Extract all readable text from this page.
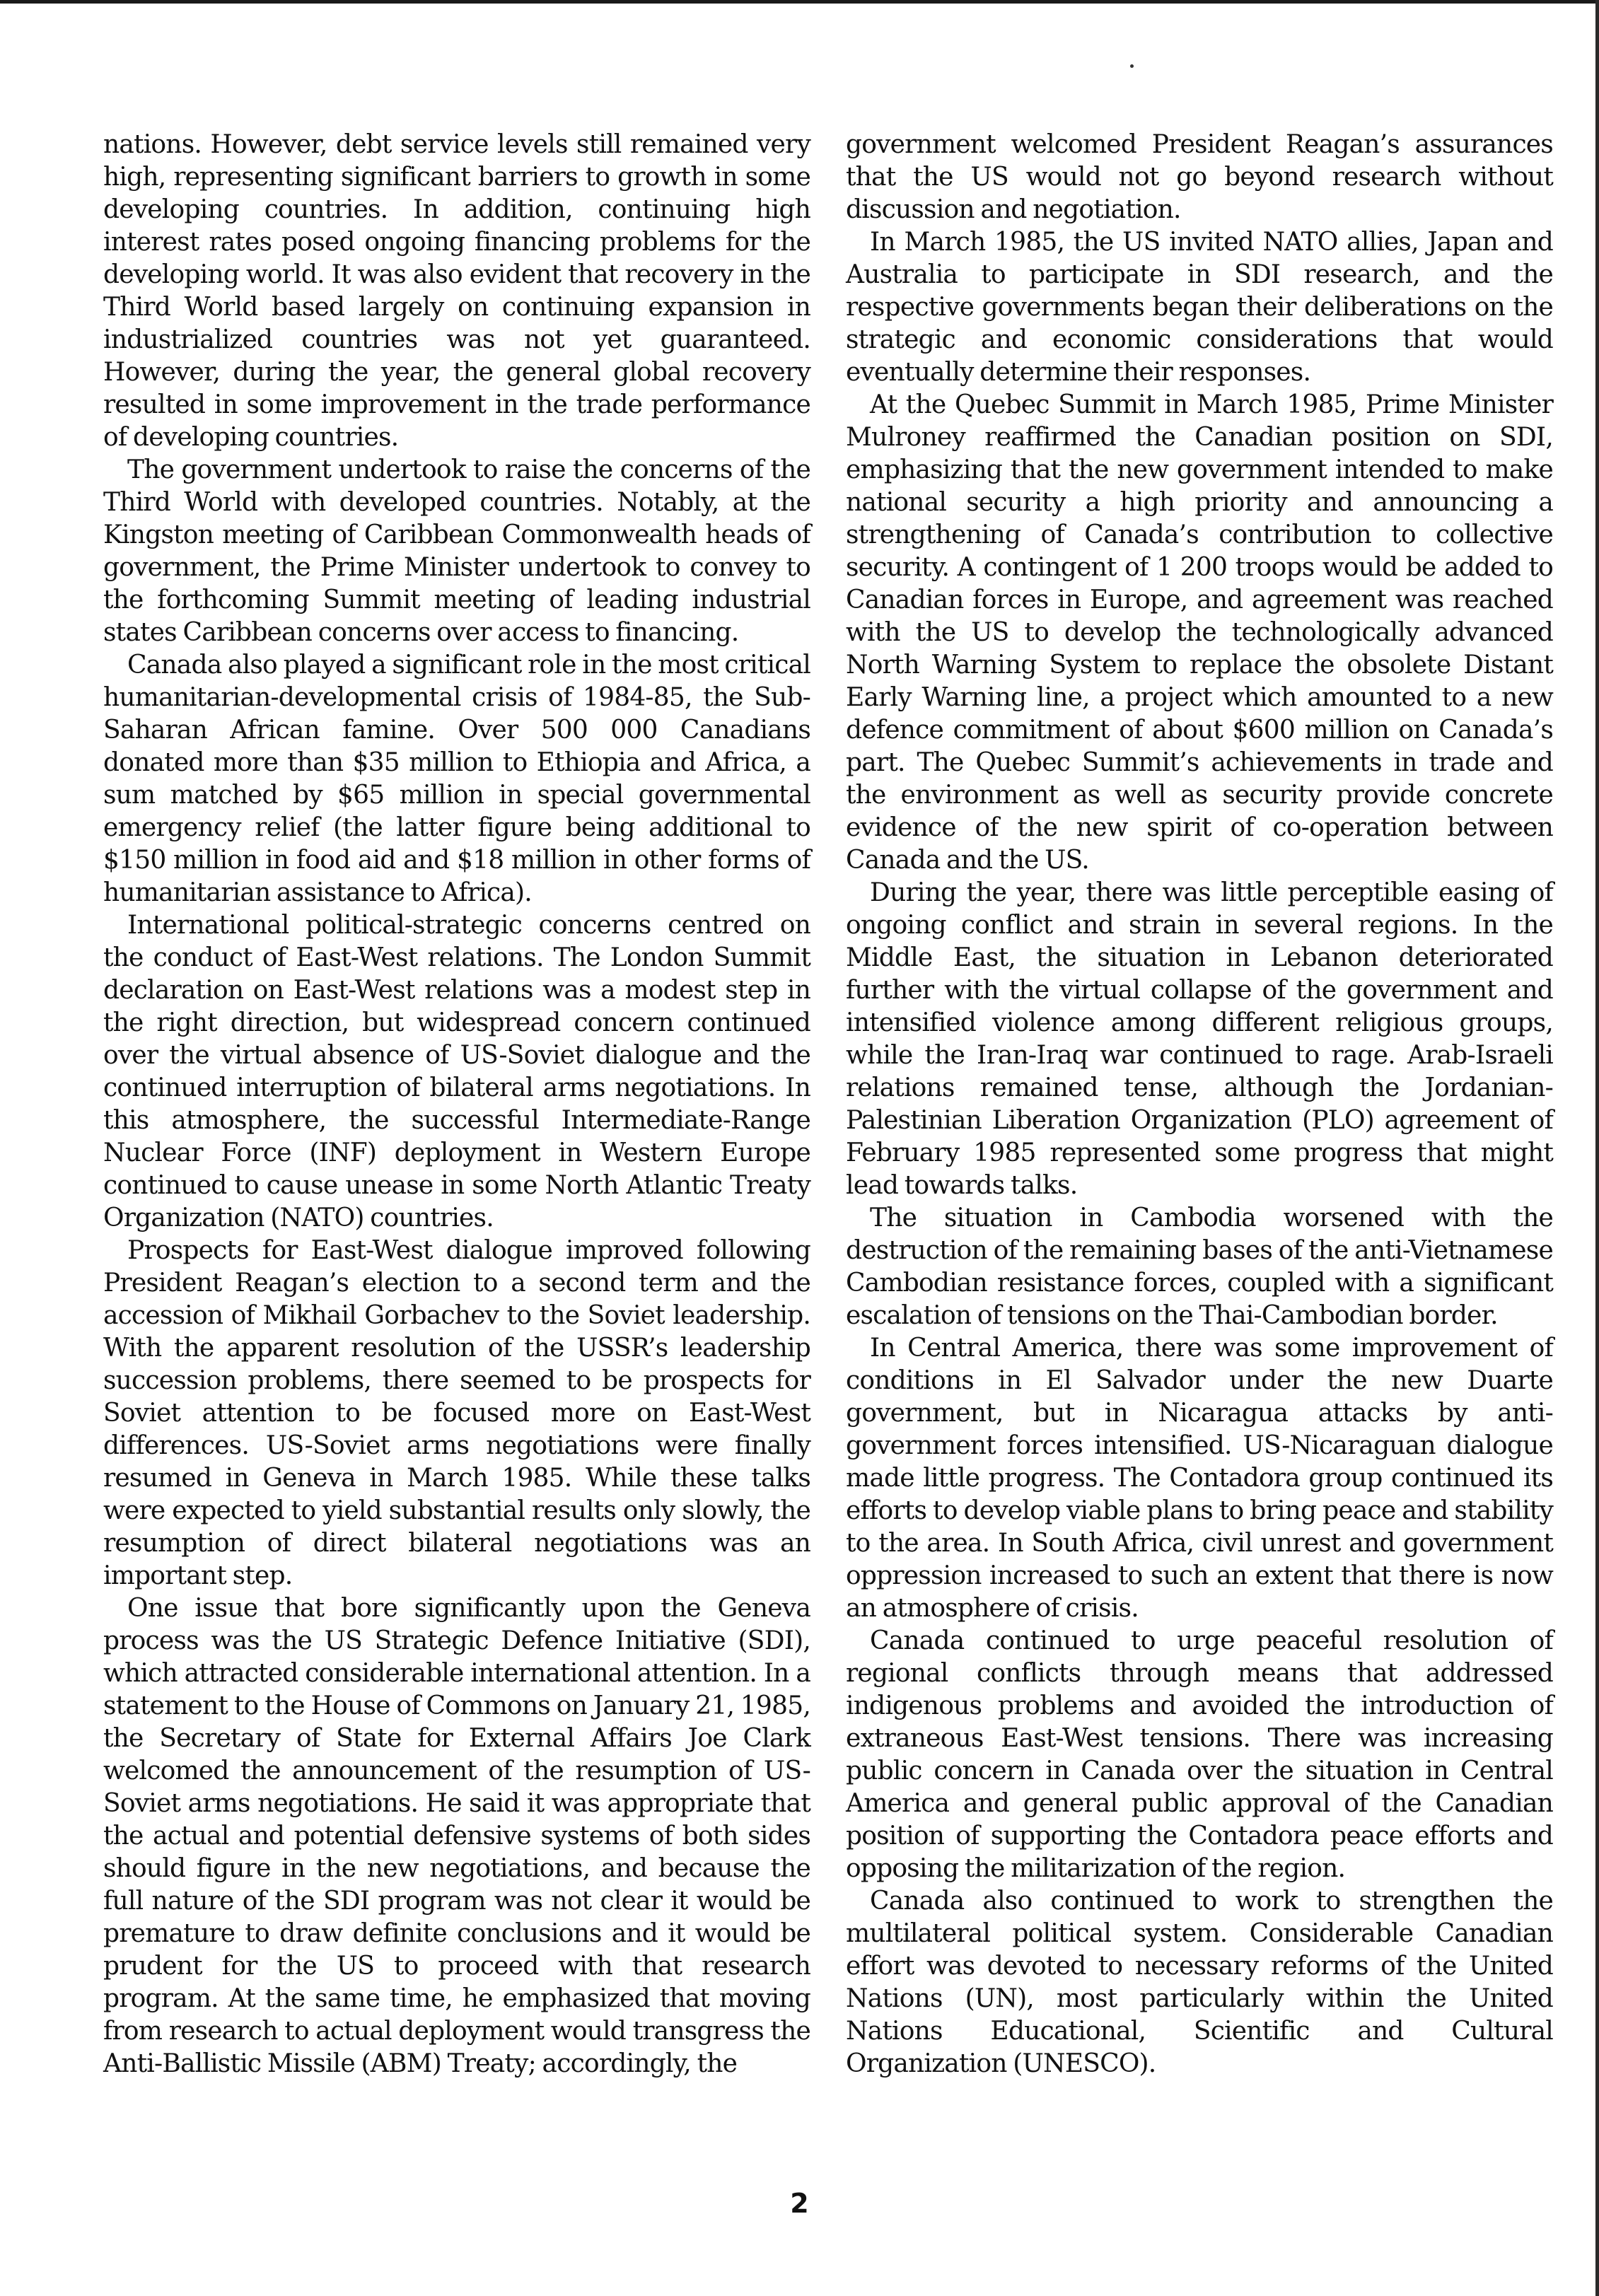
nations. However, debt service levels still remained very high, representing significant barriers to growth in some developing countries. In addition, continuing high interest rates posed ongoing financing problems for the developing world. It was also evident that recovery in the Third World based largely on continuing expansion in industrialized countries was not yet guaranteed. However, during the year, the general global recovery resulted in some improvement in the trade performance of developing countries.

The government undertook to raise the concerns of the Third World with developed countries. Notably, at the Kingston meeting of Caribbean Commonwealth heads of government, the Prime Minister undertook to convey to the forthcoming Summit meeting of leading industrial states Caribbean concerns over access to financing.

Canada also played a significant role in the most critical humanitarian-developmental crisis of 1984-85, the Sub-Saharan African famine. Over 500 000 Canadians donated more than $35 million to Ethiopia and Africa, a sum matched by $65 million in special governmental emergency relief (the latter figure being additional to $150 million in food aid and $18 million in other forms of humanitarian assistance to Africa).

International political-strategic concerns centred on the conduct of East-West relations. The London Summit declaration on East-West relations was a modest step in the right direction, but widespread concern continued over the virtual absence of US-Soviet dialogue and the continued interruption of bilateral arms negotiations. In this atmosphere, the successful Intermediate-Range Nuclear Force (INF) deployment in Western Europe continued to cause unease in some North Atlantic Treaty Organization (NATO) countries.

Prospects for East-West dialogue improved following President Reagan’s election to a second term and the accession of Mikhail Gorbachev to the Soviet leadership. With the apparent resolution of the USSR’s leadership succession problems, there seemed to be prospects for Soviet attention to be focused more on East-West differences. US-Soviet arms negotiations were finally resumed in Geneva in March 1985. While these talks were expected to yield substantial results only slowly, the resumption of direct bilateral negotiations was an important step.

One issue that bore significantly upon the Geneva process was the US Strategic Defence Initiative (SDI), which attracted considerable international attention. In a statement to the House of Commons on January 21, 1985, the Secretary of State for External Affairs Joe Clark welcomed the announcement of the resumption of US-Soviet arms negotiations. He said it was appropriate that the actual and potential defensive systems of both sides should figure in the new negotiations, and because the full nature of the SDI program was not clear it would be premature to draw definite conclusions and it would be prudent for the US to proceed with that research program. At the same time, he emphasized that moving from research to actual deployment would transgress the Anti-Ballistic Missile (ABM) Treaty; accordingly, the

government welcomed President Reagan’s assurances that the US would not go beyond research without discussion and negotiation.

In March 1985, the US invited NATO allies, Japan and Australia to participate in SDI research, and the respective governments began their deliberations on the strategic and economic considerations that would eventually determine their responses.

At the Quebec Summit in March 1985, Prime Minister Mulroney reaffirmed the Canadian position on SDI, emphasizing that the new government intended to make national security a high priority and announcing a strengthening of Canada’s contribution to collective security. A contingent of 1 200 troops would be added to Canadian forces in Europe, and agreement was reached with the US to develop the technologically advanced North Warning System to replace the obsolete Distant Early Warning line, a project which amounted to a new defence commitment of about $600 million on Canada’s part. The Quebec Summit’s achievements in trade and the environment as well as security provide concrete evidence of the new spirit of co-operation between Canada and the US.

During the year, there was little perceptible easing of ongoing conflict and strain in several regions. In the Middle East, the situation in Lebanon deteriorated further with the virtual collapse of the government and intensified violence among different religious groups, while the Iran-Iraq war continued to rage. Arab-Israeli relations remained tense, although the Jordanian-Palestinian Liberation Organization (PLO) agreement of February 1985 represented some progress that might lead towards talks.

The situation in Cambodia worsened with the destruction of the remaining bases of the anti-Vietnamese Cambodian resistance forces, coupled with a significant escalation of tensions on the Thai-Cambodian border.

In Central America, there was some improvement of conditions in El Salvador under the new Duarte government, but in Nicaragua attacks by anti-government forces intensified. US-Nicaraguan dialogue made little progress. The Contadora group continued its efforts to develop viable plans to bring peace and stability to the area. In South Africa, civil unrest and government oppression increased to such an extent that there is now an atmosphere of crisis.

Canada continued to urge peaceful resolution of regional conflicts through means that addressed indigenous problems and avoided the introduction of extraneous East-West tensions. There was increasing public concern in Canada over the situation in Central America and general public approval of the Canadian position of supporting the Contadora peace efforts and opposing the militarization of the region.

Canada also continued to work to strengthen the multilateral political system. Considerable Canadian effort was devoted to necessary reforms of the United Nations (UN), most particularly within the United Nations Educational, Scientific and Cultural Organization (UNESCO).

2
